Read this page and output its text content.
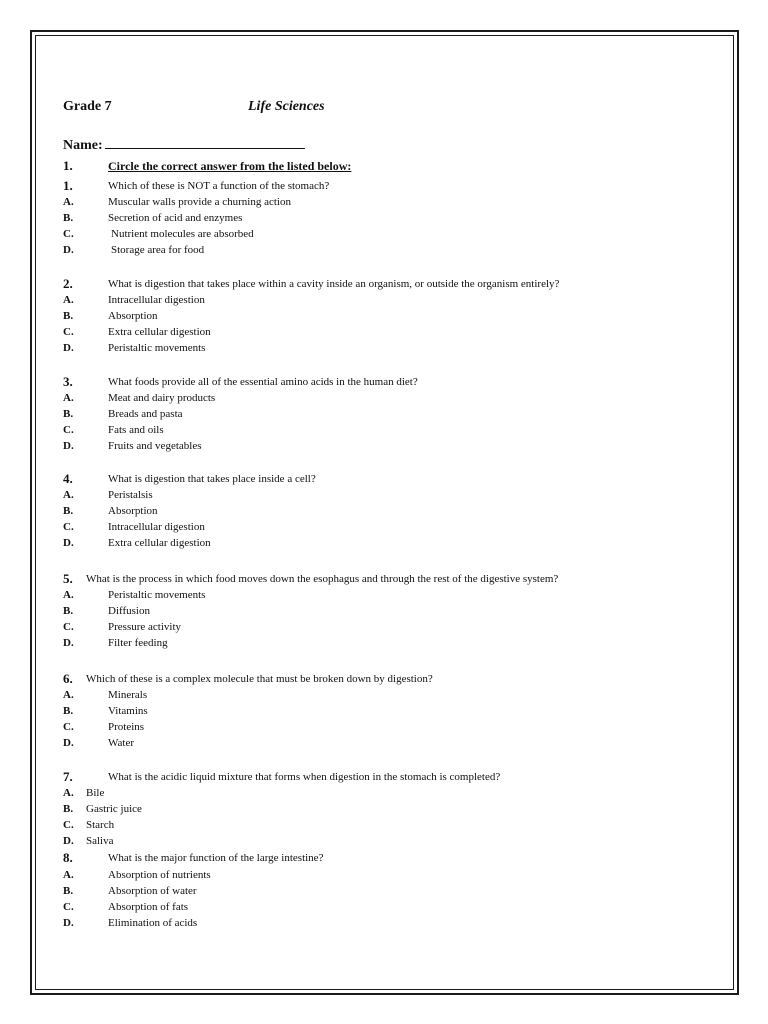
Grade 7	Life Sciences
Name:
1.	Circle the correct answer from the listed below:
1.	Which of these is NOT a function of the stomach?
A.	Muscular walls provide a churning action
B.	Secretion of acid and enzymes
C.	Nutrient molecules are absorbed
D.	Storage area for food
2.	What is digestion that takes place within a cavity inside an organism, or outside the organism entirely?
A.	Intracellular digestion
B.	Absorption
C.	Extra cellular digestion
D.	Peristaltic movements
3.	What foods provide all of the essential amino acids in the human diet?
A.	Meat and dairy products
B.	Breads and pasta
C.	Fats and oils
D.	Fruits and vegetables
4.	What is digestion that takes place inside a cell?
A.	Peristalsis
B.	Absorption
C.	Intracellular digestion
D.	Extra cellular digestion
5. What is the process in which food moves down the esophagus and through the rest of the digestive system?
A.	Peristaltic movements
B.	Diffusion
C.	Pressure activity
D.	Filter feeding
6. Which of these is a complex molecule that must be broken down by digestion?
A.	Minerals
B.	Vitamins
C.	Proteins
D.	Water
7.	What is the acidic liquid mixture that forms when digestion in the stomach is completed?
A. Bile
B. Gastric juice
C. Starch
D. Saliva
8.	What is the major function of the large intestine?
A.	Absorption of nutrients
B.	Absorption of water
C.	Absorption of fats
D.	Elimination of acids
